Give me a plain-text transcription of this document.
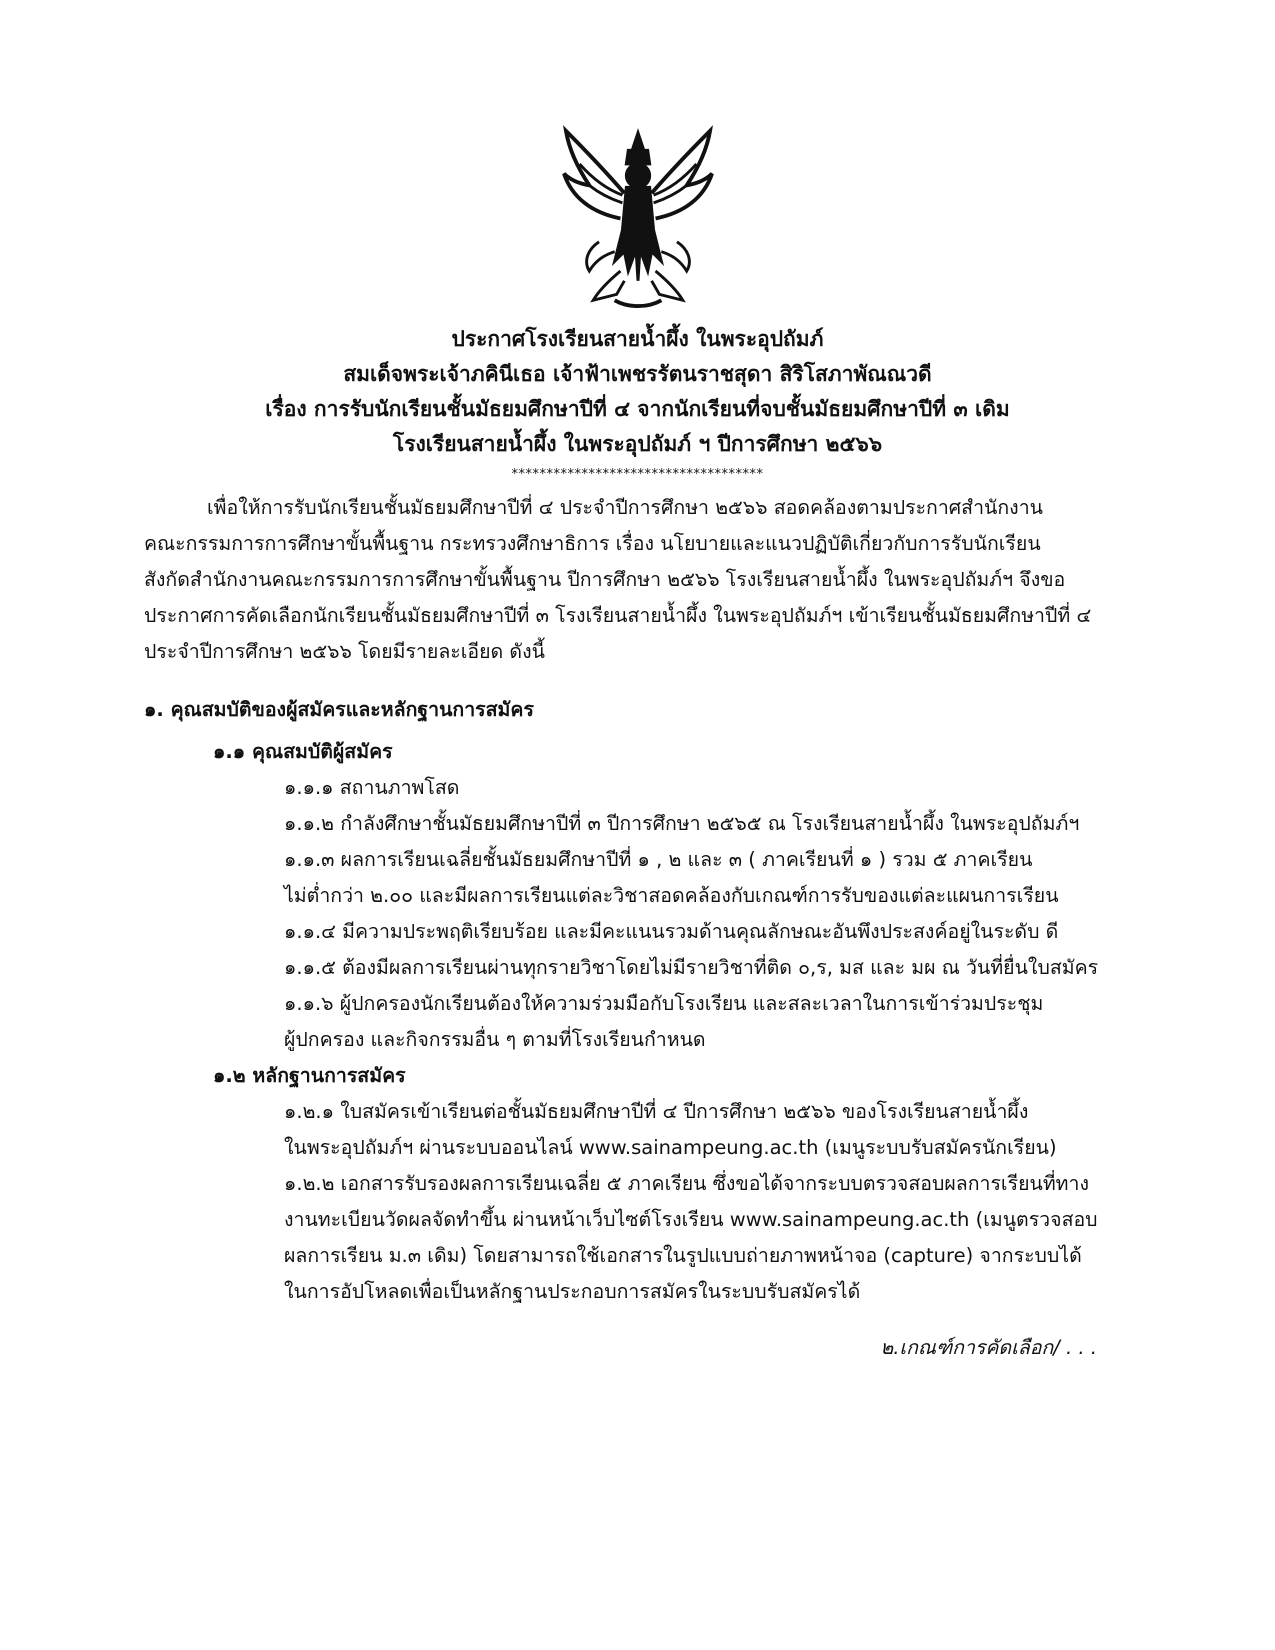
ประกาศโรงเรียนสายน้ำผึ้ง ในพระอุปถัมภ์
สมเด็จพระเจ้าภคินีเธอ เจ้าฟ้าเพชรรัตนราชสุดา สิริโสภาพัณณวดี
เรื่อง การรับนักเรียนชั้นมัธยมศึกษาปีที่ ๔ จากนักเรียนที่จบชั้นมัธยมศึกษาปีที่ ๓ เดิม
โรงเรียนสายน้ำผึ้ง ในพระอุปถัมภ์ ฯ ปีการศึกษา ๒๕๖๖
************************************
เพื่อให้การรับนักเรียนชั้นมัธยมศึกษาปีที่ ๔ ประจำปีการศึกษา ๒๕๖๖ สอดคล้องตามประกาศสำนักงาน
คณะกรรมการการศึกษาขั้นพื้นฐาน กระทรวงศึกษาธิการ เรื่อง นโยบายและแนวปฏิบัติเกี่ยวกับการรับนักเรียน
สังกัดสำนักงานคณะกรรมการการศึกษาขั้นพื้นฐาน ปีการศึกษา ๒๕๖๖ โรงเรียนสายน้ำผึ้ง ในพระอุปถัมภ์ฯ จึงขอ
ประกาศการคัดเลือกนักเรียนชั้นมัธยมศึกษาปีที่ ๓ โรงเรียนสายน้ำผึ้ง ในพระอุปถัมภ์ฯ เข้าเรียนชั้นมัธยมศึกษาปีที่ ๔
ประจำปีการศึกษา ๒๕๖๖ โดยมีรายละเอียด ดังนี้
๑. คุณสมบัติของผู้สมัครและหลักฐานการสมัคร
๑.๑ คุณสมบัติผู้สมัคร
๑.๑.๑ สถานภาพโสด
๑.๑.๒ กำลังศึกษาชั้นมัธยมศึกษาปีที่ ๓ ปีการศึกษา ๒๕๖๕ ณ โรงเรียนสายน้ำผึ้ง ในพระอุปถัมภ์ฯ
๑.๑.๓ ผลการเรียนเฉลี่ยชั้นมัธยมศึกษาปีที่ ๑ , ๒ และ ๓ ( ภาคเรียนที่ ๑ ) รวม ๕ ภาคเรียน
ไม่ต่ำกว่า ๒.๐๐ และมีผลการเรียนแต่ละวิชาสอดคล้องกับเกณฑ์การรับของแต่ละแผนการเรียน
๑.๑.๔ มีความประพฤติเรียบร้อย และมีคะแนนรวมด้านคุณลักษณะอันพึงประสงค์อยู่ในระดับ ดี
๑.๑.๕ ต้องมีผลการเรียนผ่านทุกรายวิชาโดยไม่มีรายวิชาที่ติด ๐,ร, มส และ มผ ณ วันที่ยื่นใบสมัคร
๑.๑.๖ ผู้ปกครองนักเรียนต้องให้ความร่วมมือกับโรงเรียน และสละเวลาในการเข้าร่วมประชุม
ผู้ปกครอง และกิจกรรมอื่น ๆ ตามที่โรงเรียนกำหนด
๑.๒ หลักฐานการสมัคร
๑.๒.๑ ใบสมัครเข้าเรียนต่อชั้นมัธยมศึกษาปีที่ ๔ ปีการศึกษา ๒๕๖๖ ของโรงเรียนสายน้ำผึ้ง
ในพระอุปถัมภ์ฯ ผ่านระบบออนไลน์ www.sainampeung.ac.th (เมนูระบบรับสมัครนักเรียน)
๑.๒.๒ เอกสารรับรองผลการเรียนเฉลี่ย ๕ ภาคเรียน ซึ่งขอได้จากระบบตรวจสอบผลการเรียนที่ทาง
งานทะเบียนวัดผลจัดทำขึ้น ผ่านหน้าเว็บไซต์โรงเรียน www.sainampeung.ac.th (เมนูตรวจสอบ
ผลการเรียน ม.๓ เดิม) โดยสามารถใช้เอกสารในรูปแบบถ่ายภาพหน้าจอ (capture) จากระบบได้
ในการอัปโหลดเพื่อเป็นหลักฐานประกอบการสมัครในระบบรับสมัครได้
๒.เกณฑ์การคัดเลือก/ . . .
